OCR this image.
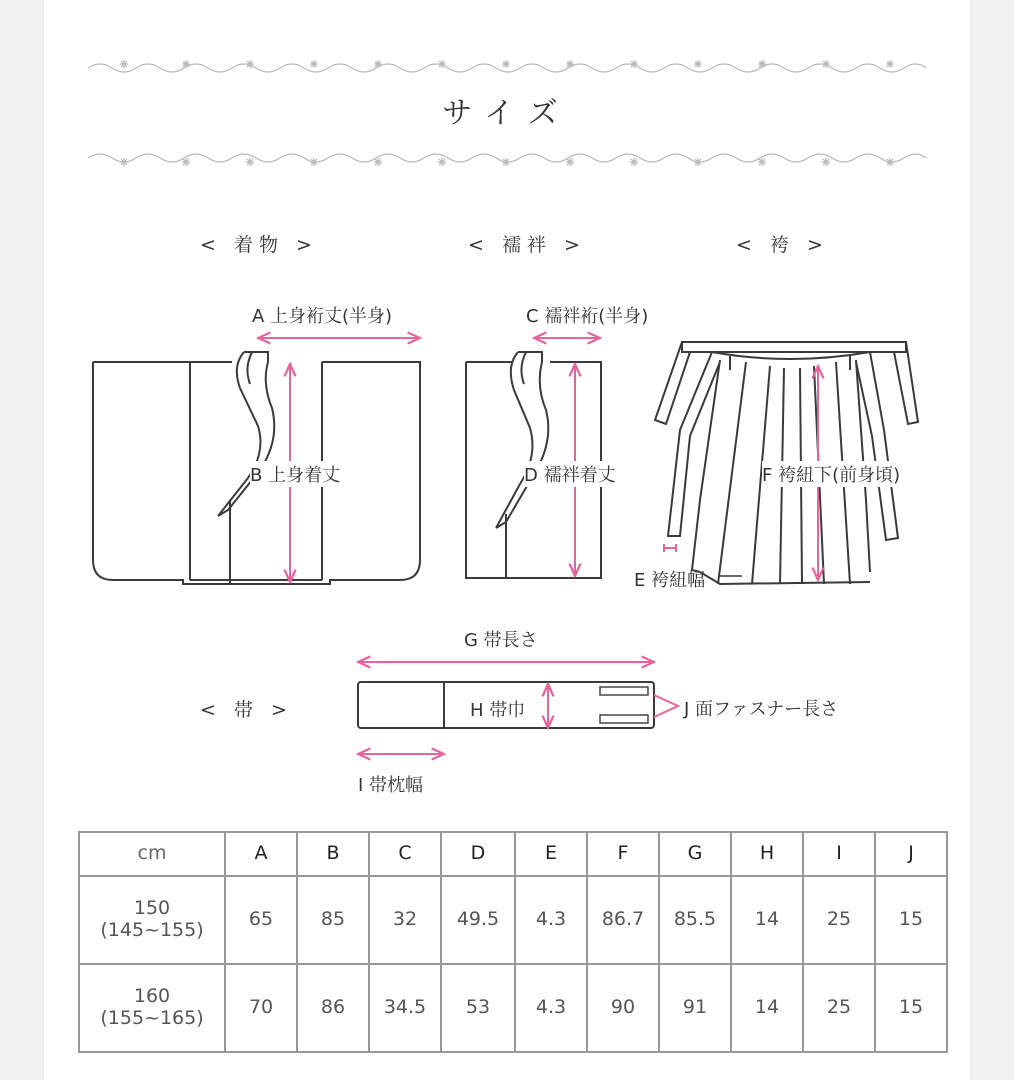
サイズ
< 着物 >	< 襦袢 >	< 袴 >
< 帯 >
A 上身裄丈(半身)
B 上身着丈
C 襦袢裄(半身)
D 襦袢着丈
E 袴紐幅
F 袴紐下(前身頃)
G 帯長さ
H 帯巾
I 帯枕幅
J 面ファスナー長さ
cm	A	B	C	D	E	F	G	H	I	J

150
(145~155)	65	85	32	49.5	4.3	86.7	85.5	14	25	15

160
(155~165)	70	86	34.5	53	4.3	90	91	14	25	15
